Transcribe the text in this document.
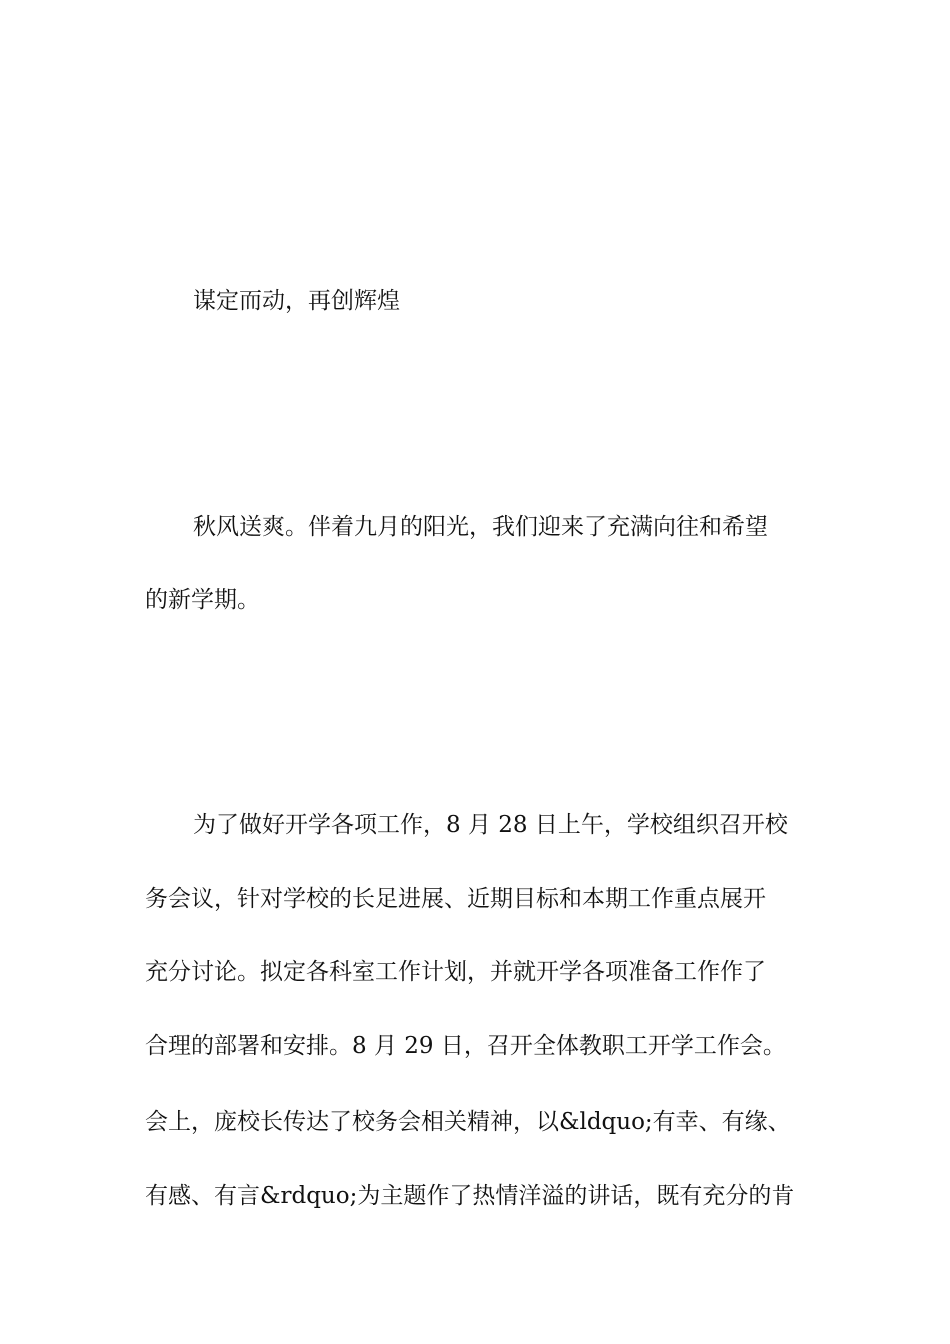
谋定而动，再创辉煌
秋风送爽。伴着九月的阳光，我们迎来了充满向往和希望
的新学期。
为了做好开学各项工作，8 月 28 日上午，学校组织召开校
务会议，针对学校的长足进展、近期目标和本期工作重点展开
充分讨论。拟定各科室工作计划，并就开学各项准备工作作了
合理的部署和安排。8 月 29 日，召开全体教职工开学工作会。
会上，庞校长传达了校务会相关精神，以&ldquo;有幸、有缘、
有感、有言&rdquo;为主题作了热情洋溢的讲话，既有充分的肯
